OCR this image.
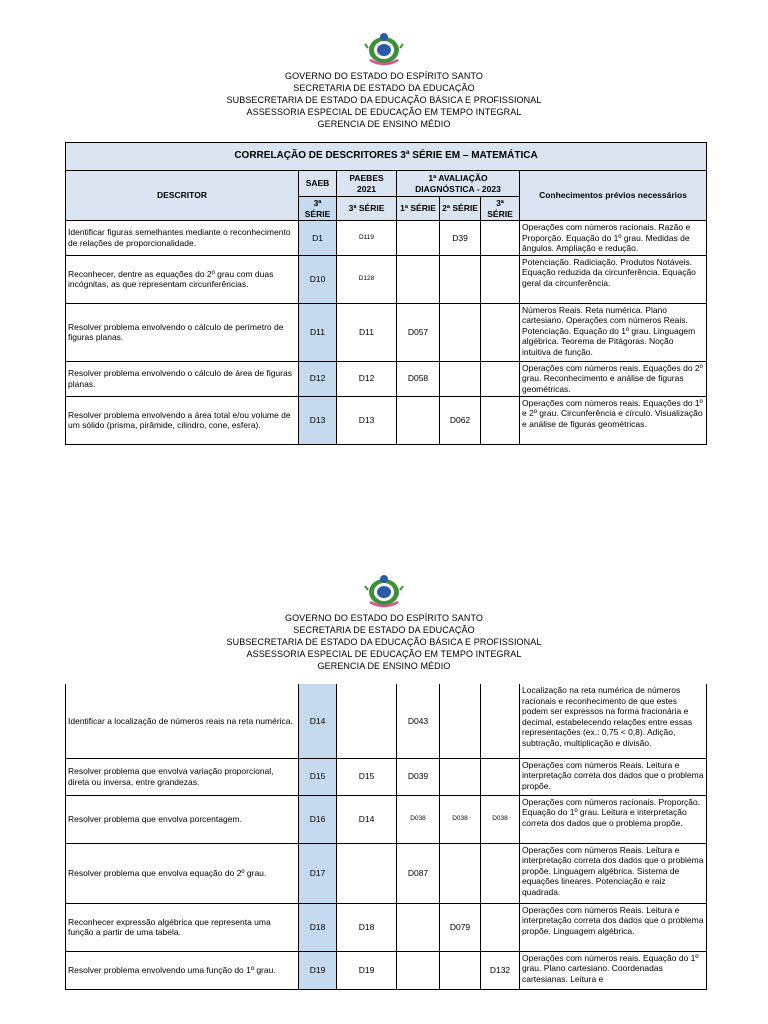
GOVERNO DO ESTADO DO ESPÍRITO SANTO
SECRETARIA DE ESTADO DA EDUCAÇÃO
SUBSECRETARIA DE ESTADO DA EDUCAÇÃO BÁSICA E PROFISSIONAL
ASSESSORIA ESPECIAL DE EDUCAÇÃO EM TEMPO INTEGRAL
GERENCIA DE ENSINO MÉDIO
CORRELAÇÃO DE DESCRITORES 3ª SÉRIE EM – MATEMÁTICA						
DESCRITOR	SAEB	PAEBES 2021	1ª AVALIAÇÃO DIAGNÓSTICA - 2023			Conhecimentos prévios necessários
	3ª SÉRIE	3ª SÉRIE	1ª SÉRIE	2ª SÉRIE	3ª SÉRIE	
Identificar figuras semelhantes mediante o reconhecimento de relações de proporcionalidade.	D1	D119		D39		Operações com números racionais. Razão e Proporção. Equação do 1º grau. Medidas de ângulos. Ampliação e redução.
Reconhecer, dentre as equações do 2º grau com duas incógnitas, as que representam circunferências.	D10	D128				Potenciação. Radiciação. Produtos Notáveis. Equação reduzida da circunferência. Equação geral da circunferência.
Resolver problema envolvendo o cálculo de perímetro de figuras planas.	D11	D11	D057			Números Reais. Reta numérica. Plano cartesiano. Operações com números Reais. Potenciação. Equação do 1º grau. Linguagem algébrica. Teorema de Pitágoras. Noção intuitiva de função.
Resolver problema envolvendo o cálculo de área de figuras planas.	D12	D12	D058			Operações com números reais. Equações do 2º grau. Reconhecimento e análise de figuras geométricas.
Resolver problema envolvendo a área total e/ou volume de um sólido (prisma, pirâmide, cilindro, cone, esfera).	D13	D13		D062		Operações com números reais. Equações do 1º e 2º grau. Circunferência e círculo. Visualização e análise de figuras geométricas.
GOVERNO DO ESTADO DO ESPÍRITO SANTO
SECRETARIA DE ESTADO DA EDUCAÇÃO
SUBSECRETARIA DE ESTADO DA EDUCAÇÃO BÁSICA E PROFISSIONAL
ASSESSORIA ESPECIAL DE EDUCAÇÃO EM TEMPO INTEGRAL
GERENCIA DE ENSINO MÉDIO
Identificar a localização de números reais na reta numérica.	D14		D043			Localização na reta numérica de números racionais e reconhecimento de que estes podem ser expressos na forma fracionária e decimal, estabelecendo relações entre essas representações (ex.: 0,75 < 0,8). Adição, subtração, multiplicação e divisão.
Resolver problema que envolva variação proporcional, direta ou inversa, entre grandezas.	D15	D15	D039			Operações com números Reais. Leitura e interpretação correta dos dados que o problema propõe.
Resolver problema que envolva porcentagem.	D16	D14	D038	D038	D038	Operações com números racionais. Proporção. Equação do 1º grau. Leitura e interpretação correta dos dados que o problema propõe.
Resolver problema que envolva equação do 2º grau.	D17		D087			Operações com números Reais. Leitura e interpretação correta dos dados que o problema propõe. Linguagem algébrica. Sistema de equações lineares. Potenciação e raiz quadrada.
Reconhecer expressão algébrica que representa uma função a partir de uma tabela.	D18	D18		D079		Operações com números Reais. Leitura e interpretação correta dos dados que o problema propõe. Linguagem algébrica.
Resolver problema envolvendo uma função do 1º grau.	D19	D19			D132	Operações com números reais. Equação do 1º grau. Plano cartesiano. Coordenadas cartesianas. Leitura e
